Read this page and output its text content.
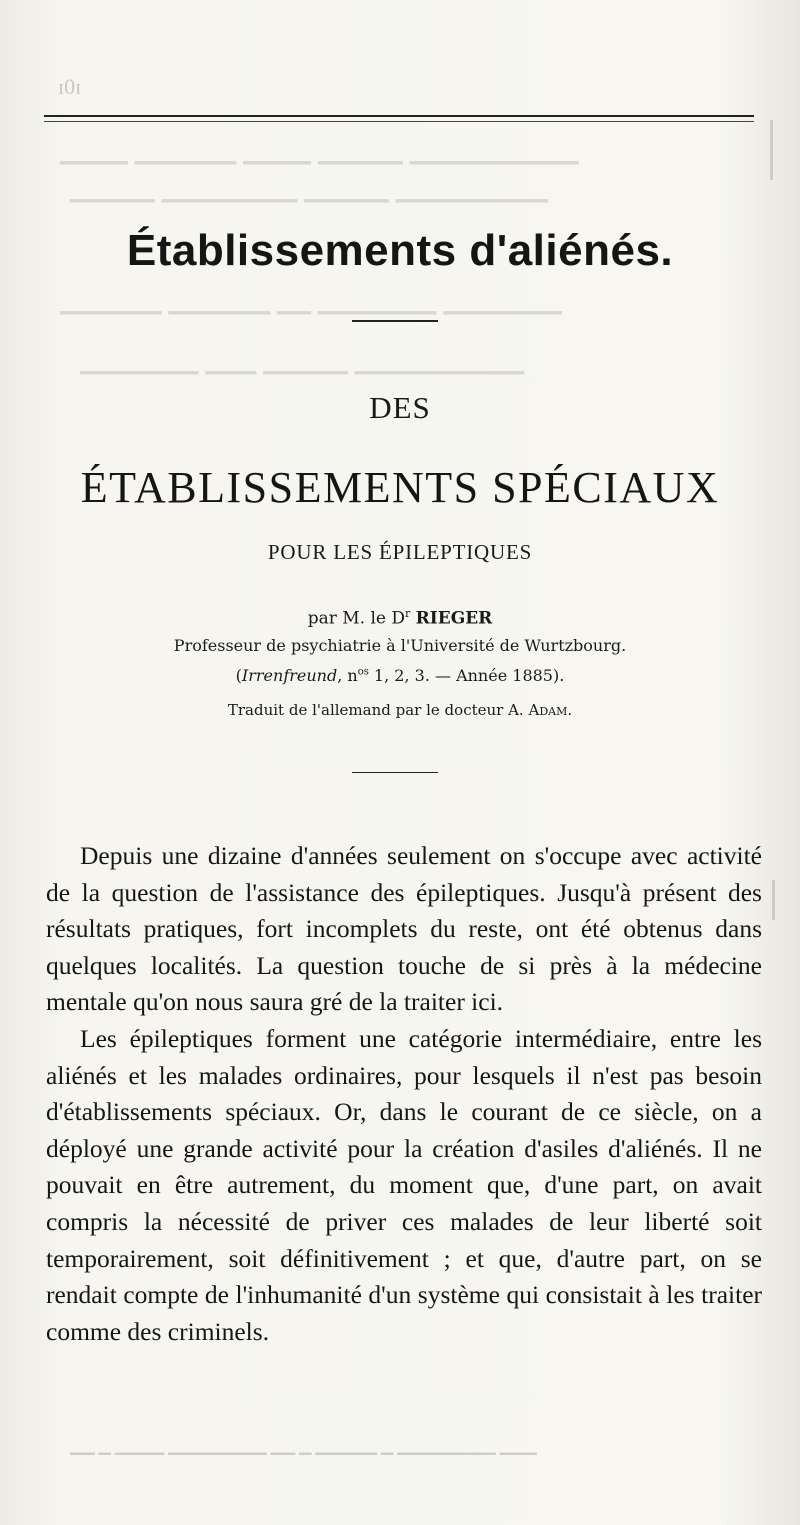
ɪ0ɪ
▁▁▁▁▁▁▁▁▁▁ ▁▁▁▁▁ ▁▁▁▁ ▁▁▁▁▁▁ ▁▁▁▁
▁▁▁▁▁▁▁▁▁ ▁▁▁▁▁ ▁▁▁▁▁▁▁▁ ▁▁▁▁▁
▁▁▁▁▁▁▁ ▁▁▁▁▁▁▁ ▁▁ ▁▁▁▁▁▁ ▁▁▁▁▁▁
▁▁▁▁▁▁▁▁▁▁ ▁▁▁▁▁ ▁▁▁ ▁▁▁▁▁▁▁
Établissements d'aliénés.
DES
ÉTABLISSEMENTS SPÉCIAUX
POUR LES ÉPILEPTIQUES
par M. le $D^r$ RIEGER
Professeur de psychiatrie à l'Université de Wurtzbourg.
(Irrenfreund, $n^{os}$ 1, 2, 3. — Année 1885).
Traduit de l'allemand par le docteur A. Adam.

Depuis une dizaine d'années seulement on s'occupe avec activité de la question de l'assistance des épileptiques. Jusqu'à présent des résultats pratiques, fort incomplets du reste, ont été obtenus dans quelques localités. La question touche de si près à la médecine mentale qu'on nous saura gré de la traiter ici.

Les épileptiques forment une catégorie intermédiaire, entre les aliénés et les malades ordinaires, pour lesquels il n'est pas besoin d'établissements spéciaux. Or, dans le courant de ce siècle, on a déployé une grande activité pour la création d'asiles d'aliénés. Il ne pouvait en être autrement, du moment que, d'une part, on avait compris la nécessité de priver ces malades de leur liberté soit temporairement, soit définitivement ; et que, d'autre part, on se rendait compte de l'inhumanité d'un système qui consistait à les traiter comme des criminels.

▁▁▁ ▁▁▁▁▁▁▁▁ ▁ ▁▁▁▁▁ ▁ ▁▁ ▁▁▁▁▁▁▁▁ ▁▁▁▁ ▁ ▁▁
